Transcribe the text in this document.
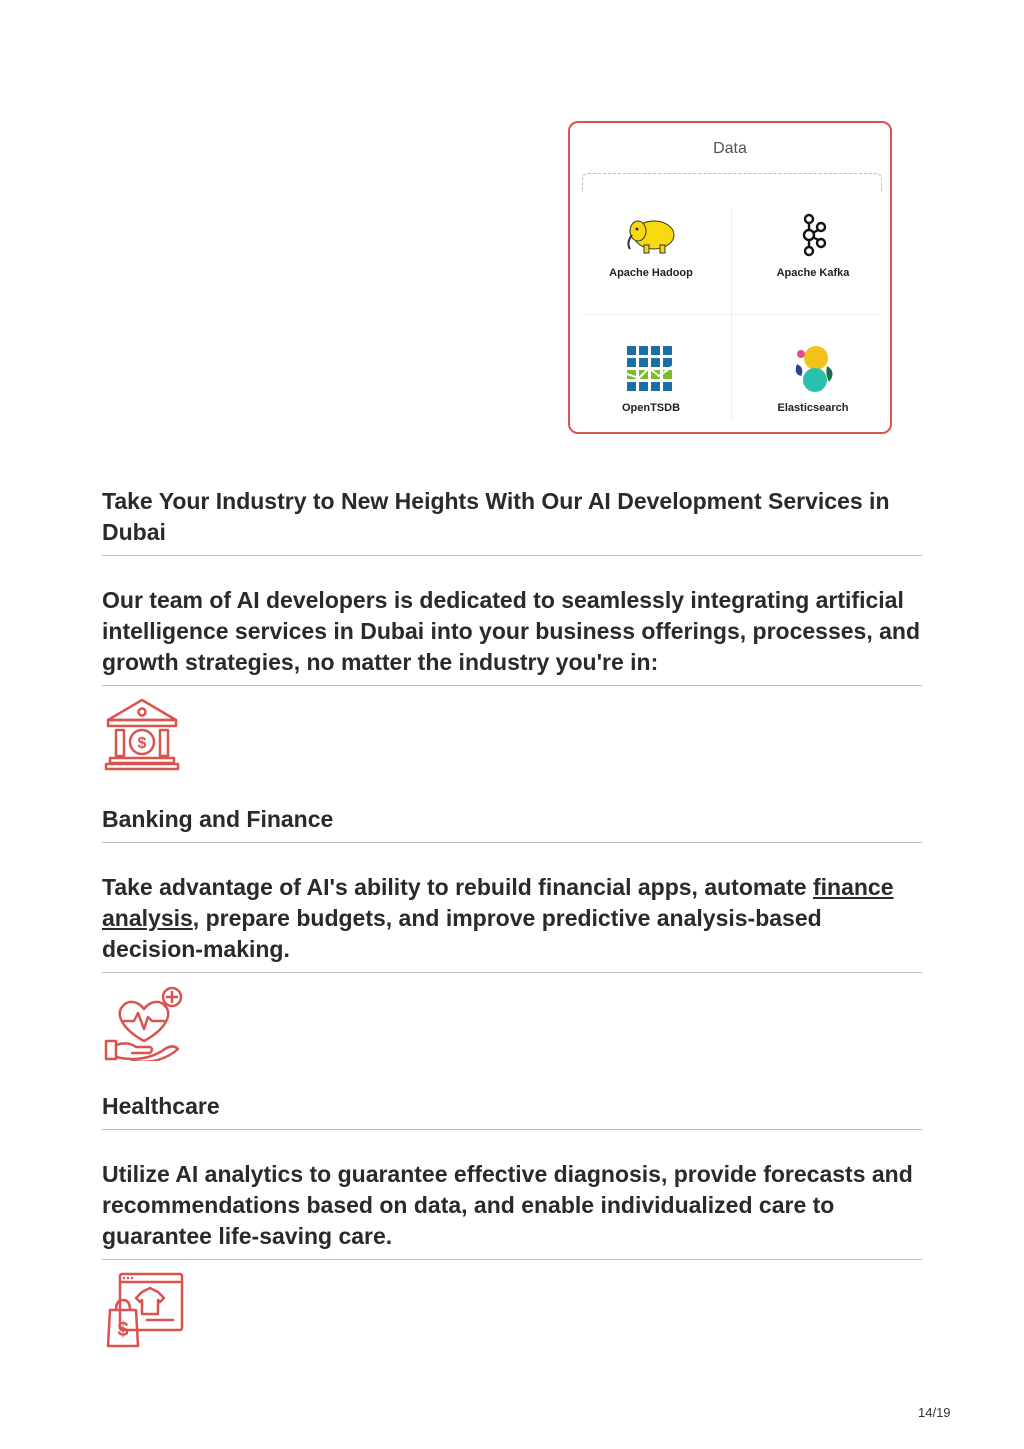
Data
Apache Hadoop	Apache Kafka
OpenTSDB	Elasticsearch
Take Your Industry to New Heights With Our AI Development Services in Dubai
Our team of AI developers is dedicated to seamlessly integrating artificial intelligence services in Dubai into your business offerings, processes, and growth strategies, no matter the industry you're in:
$
Banking and Finance
Take advantage of AI's ability to rebuild financial apps, automate finance analysis, prepare budgets, and improve predictive analysis-based decision-making.
Healthcare
Utilize AI analytics to guarantee effective diagnosis, provide forecasts and recommendations based on data, and enable individualized care to guarantee life-saving care.
$
14/19
